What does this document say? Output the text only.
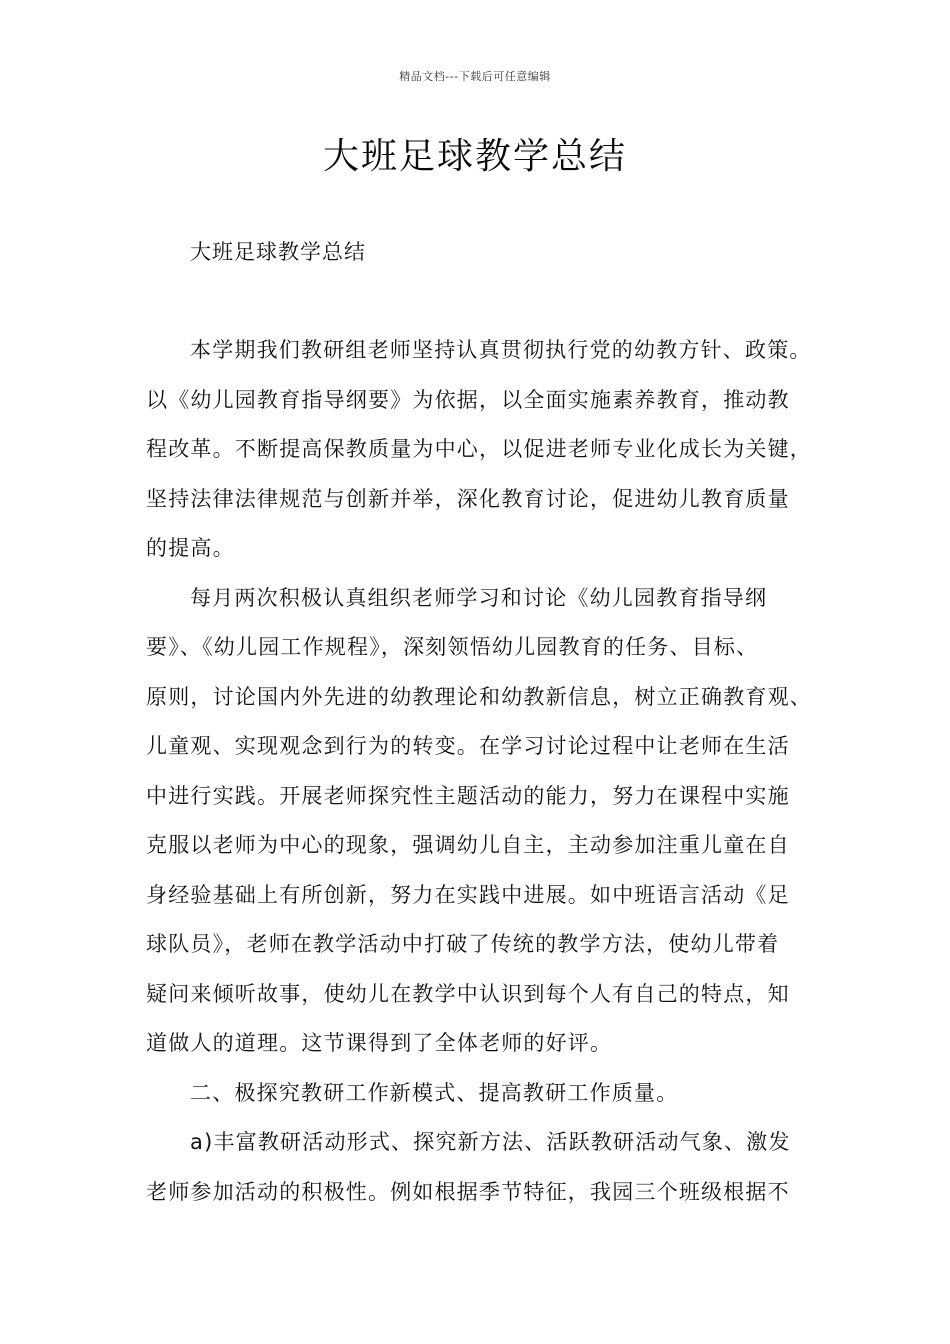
精品文档---下载后可任意编辑
大班足球教学总结

大班足球教学总结

本学期我们教研组老师坚持认真贯彻执行党的幼教方针、政策。
以《幼儿园教育指导纲要》为依据，以全面实施素养教育，推动教
程改革。不断提高保教质量为中心，以促进老师专业化成长为关键，
坚持法律法律规范与创新并举，深化教育讨论，促进幼儿教育质量
的提高。
每月两次积极认真组织老师学习和讨论《幼儿园教育指导纲
要》、《幼儿园工作规程》，深刻领悟幼儿园教育的任务、目标、
原则，讨论国内外先进的幼教理论和幼教新信息，树立正确教育观、
儿童观、实现观念到行为的转变。在学习讨论过程中让老师在生活
中进行实践。开展老师探究性主题活动的能力，努力在课程中实施
克服以老师为中心的现象，强调幼儿自主，主动参加注重儿童在自
身经验基础上有所创新，努力在实践中进展。如中班语言活动《足
球队员》，老师在教学活动中打破了传统的教学方法，使幼儿带着
疑问来倾听故事，使幼儿在教学中认识到每个人有自己的特点，知
道做人的道理。这节课得到了全体老师的好评。
二、极探究教研工作新模式、提高教研工作质量。
a)丰富教研活动形式、探究新方法、活跃教研活动气象、激发
老师参加活动的积极性。例如根据季节特征，我园三个班级根据不
